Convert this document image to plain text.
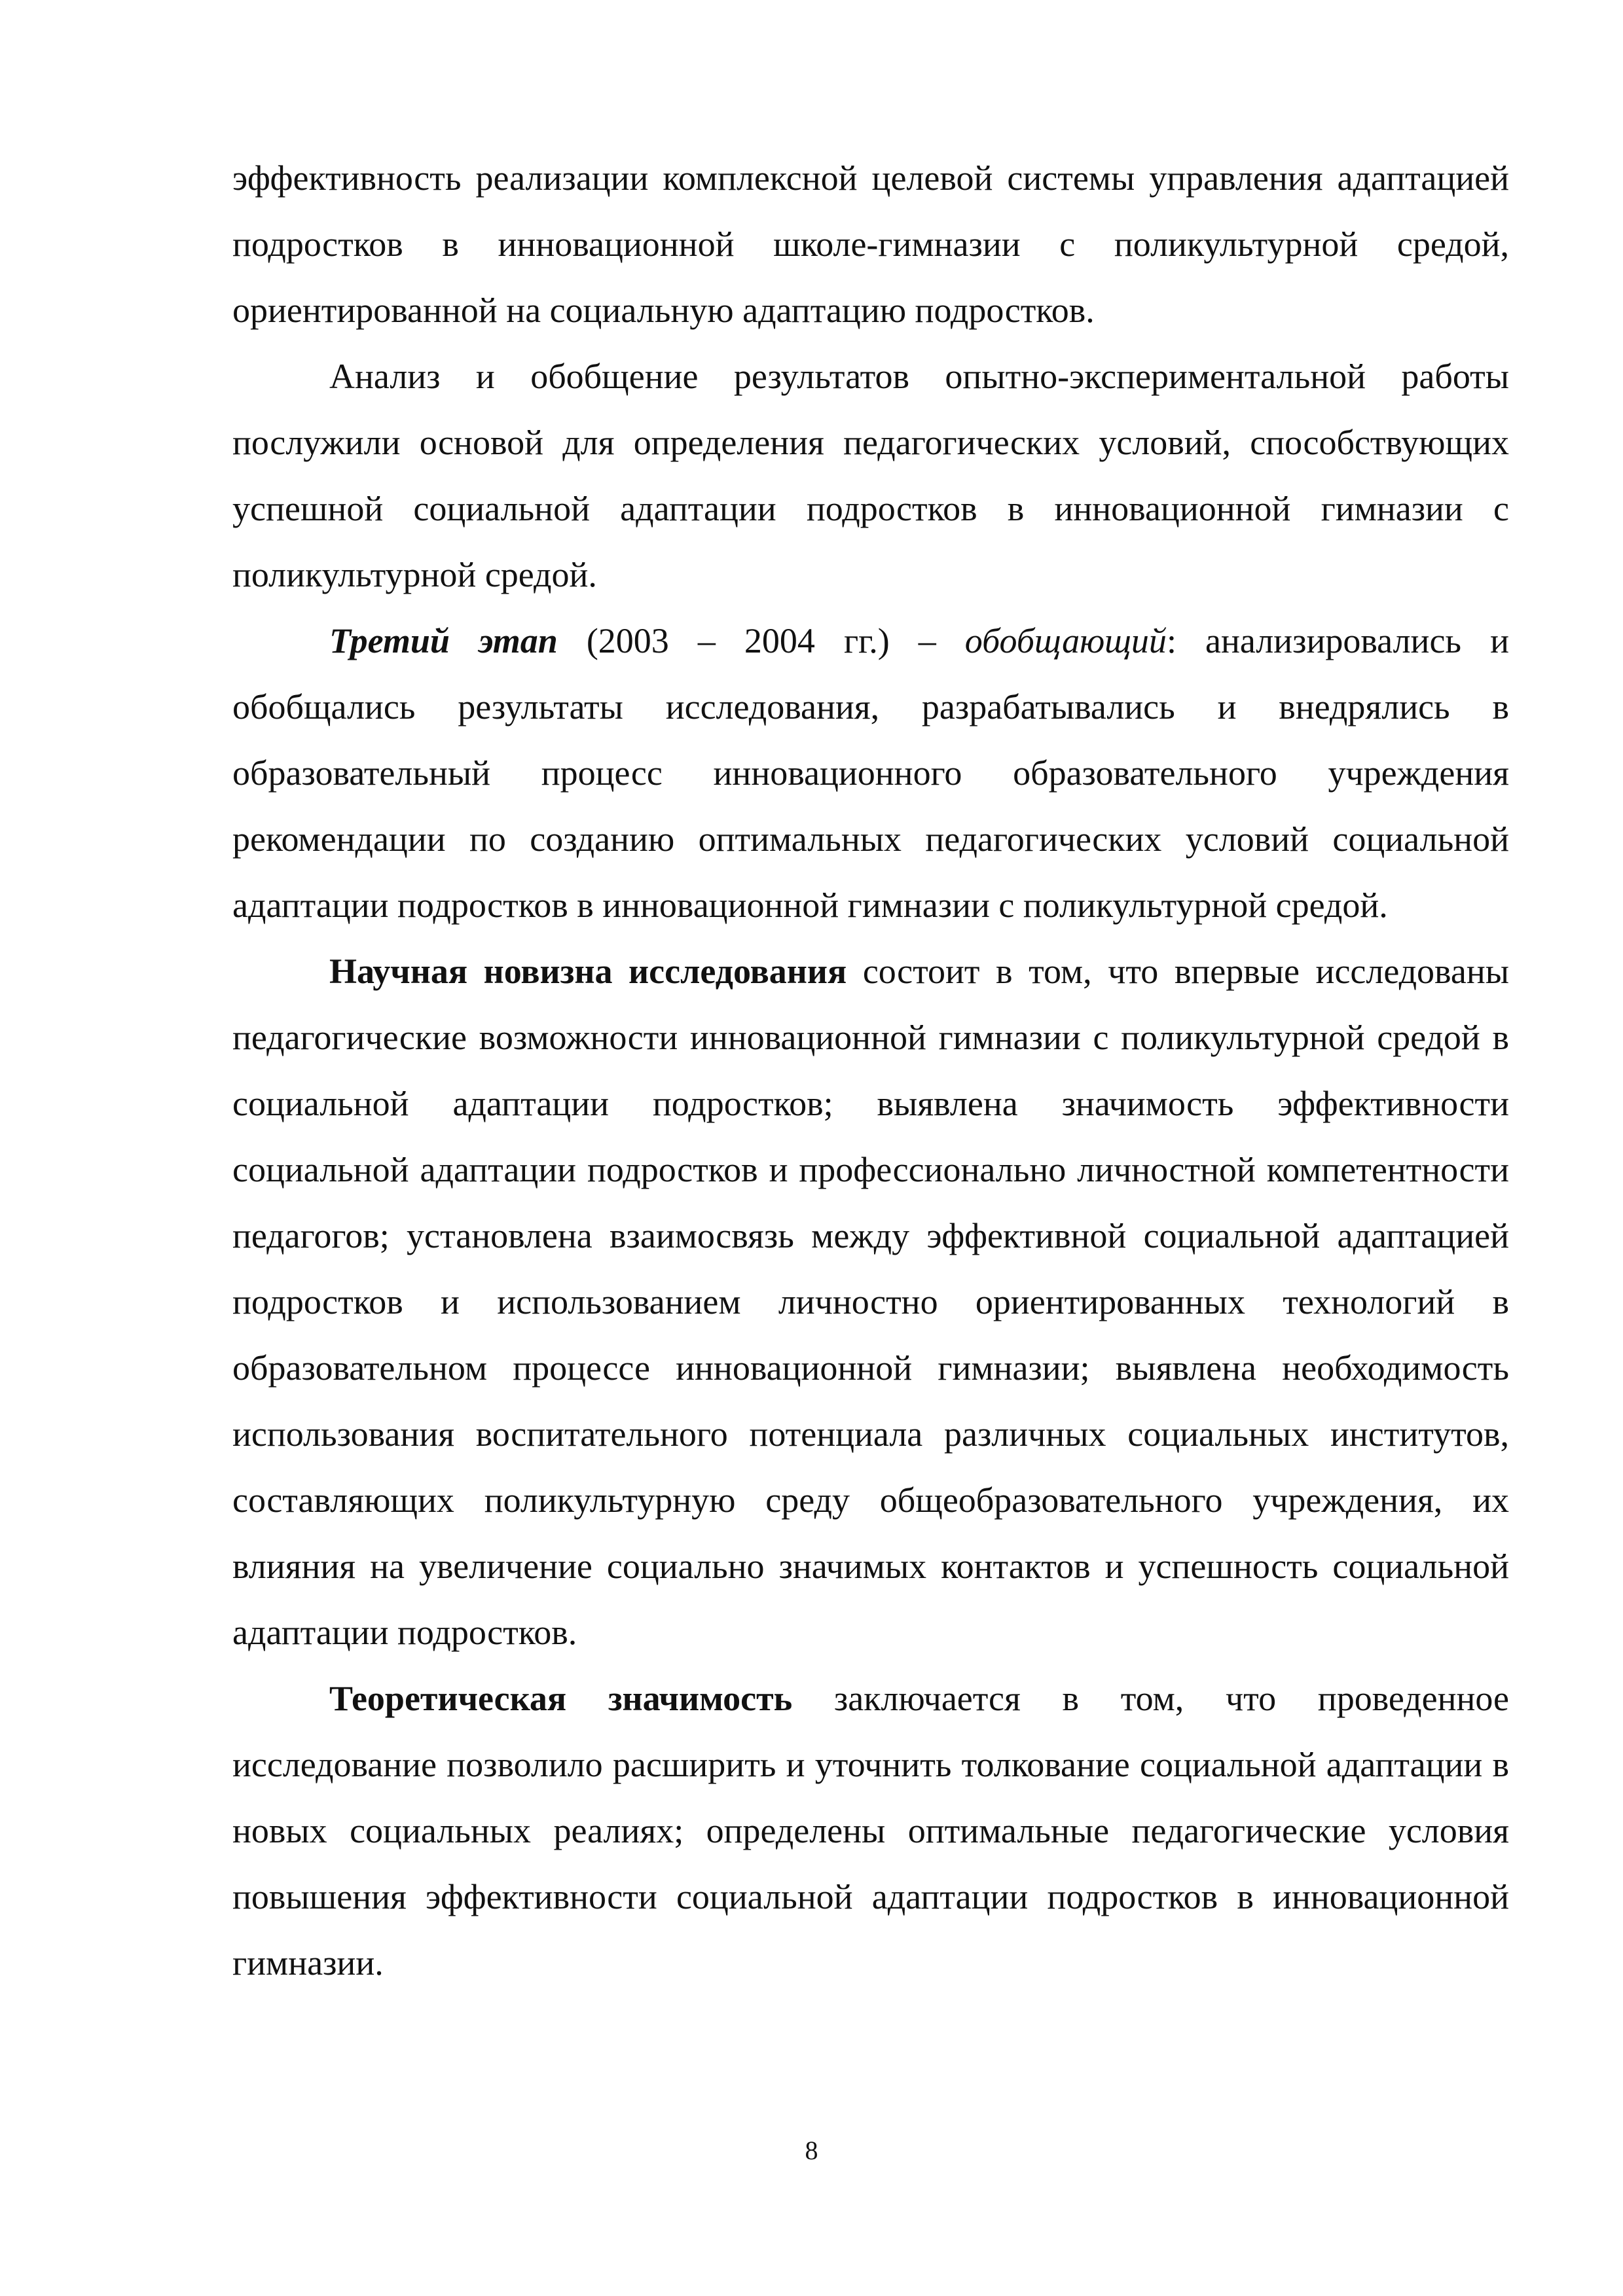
эффективность реализации комплексной целевой системы управления адаптацией подростков в инновационной школе-гимназии с поликультурной средой, ориентированной на социальную адаптацию подростков.

Анализ и обобщение результатов опытно-экспериментальной работы послужили основой для определения педагогических условий, способствующих успешной социальной адаптации подростков в инновационной гимназии с поликультурной средой.

Третий этап (2003 – 2004 гг.) – обобщающий: анализировались и обобщались результаты исследования, разрабатывались и внедрялись в образовательный процесс инновационного образовательного учреждения рекомендации по созданию оптимальных педагогических условий социальной адаптации подростков в инновационной гимназии с поликультурной средой.

Научная новизна исследования состоит в том, что впервые исследованы педагогические возможности инновационной гимназии с поликультурной средой в социальной адаптации подростков; выявлена значимость эффективности социальной адаптации подростков и профессионально личностной компетентности педагогов; установлена взаимосвязь между эффективной социальной адаптацией подростков и использованием личностно ориентированных технологий в образовательном процессе инновационной гимназии; выявлена необходимость использования воспитательного потенциала различных социальных институтов, составляющих поликультурную среду общеобразовательного учреждения, их влияния на увеличение социально значимых контактов и успешность социальной адаптации подростков.

Теоретическая значимость заключается в том, что проведенное исследование позволило расширить и уточнить толкование социальной адаптации в новых социальных реалиях; определены оптимальные педагогические условия повышения эффективности социальной адаптации подростков в инновационной гимназии.

8
